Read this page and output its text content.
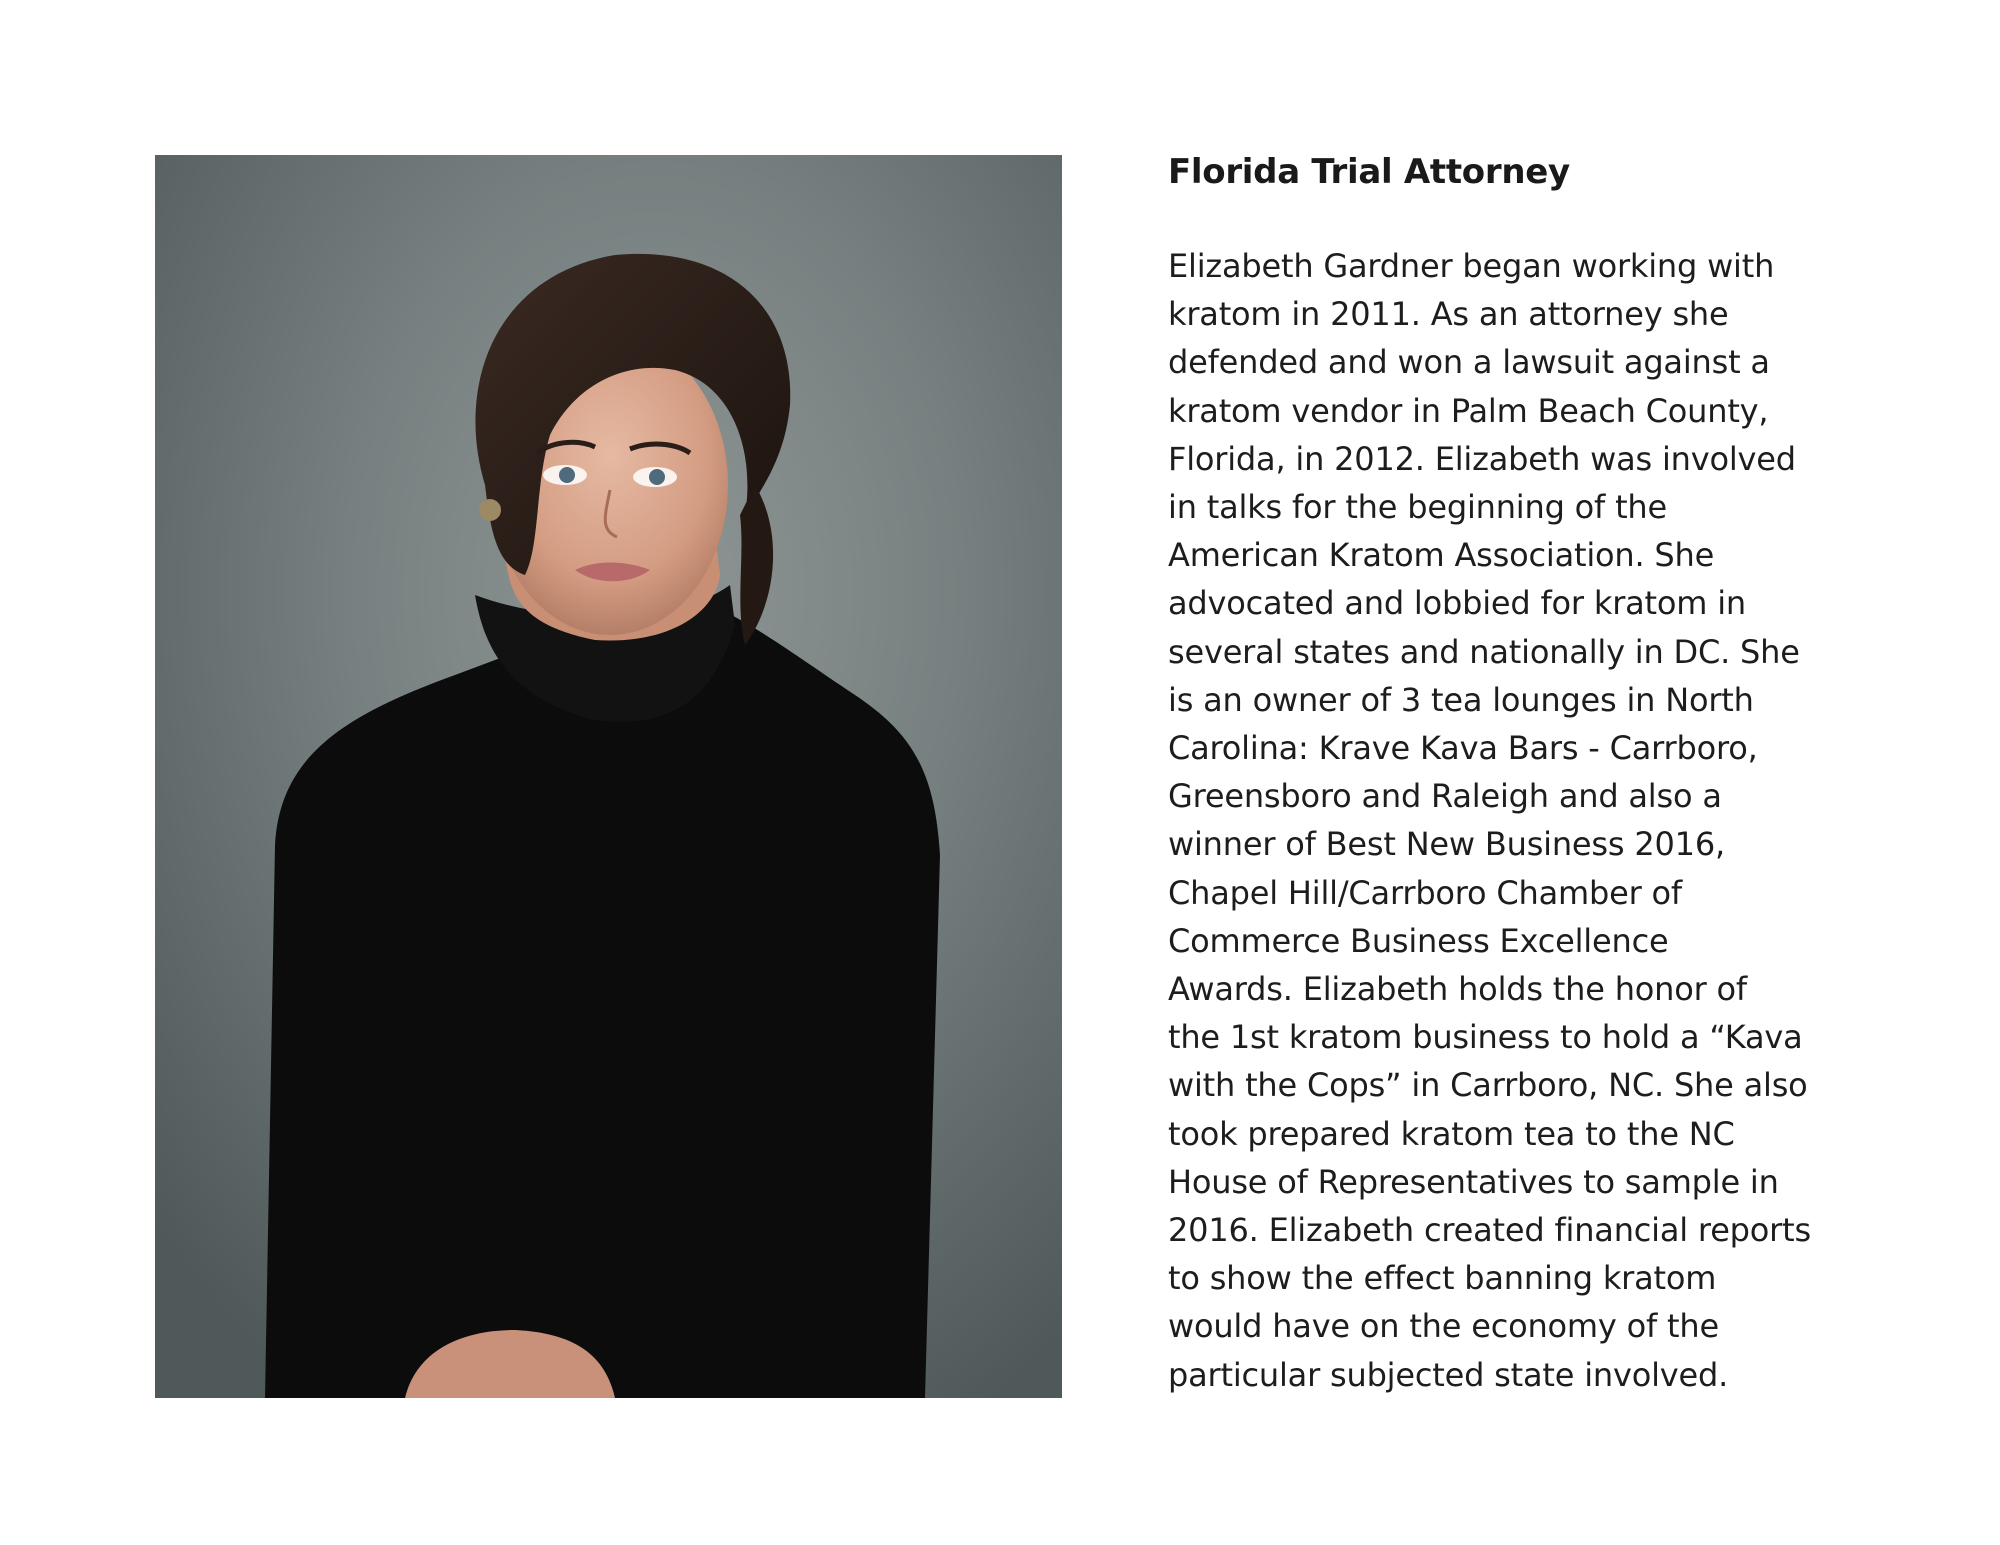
Florida Trial Attorney

Elizabeth Gardner began working with
kratom in 2011. As an attorney she
defended and won a lawsuit against a
kratom vendor in Palm Beach County,
Florida, in 2012. Elizabeth was involved
in talks for the beginning of the
American Kratom Association. She
advocated and lobbied for kratom in
several states and nationally in DC. She
is an owner of 3 tea lounges in North
Carolina: Krave Kava Bars - Carrboro,
Greensboro and Raleigh and also a
winner of Best New Business 2016,
Chapel Hill/Carrboro Chamber of
Commerce Business Excellence
Awards. Elizabeth holds the honor of
the 1st kratom business to hold a “Kava
with the Cops” in Carrboro, NC. She also
took prepared kratom tea to the NC
House of Representatives to sample in
2016. Elizabeth created financial reports
to show the effect banning kratom
would have on the economy of the
particular subjected state involved.
